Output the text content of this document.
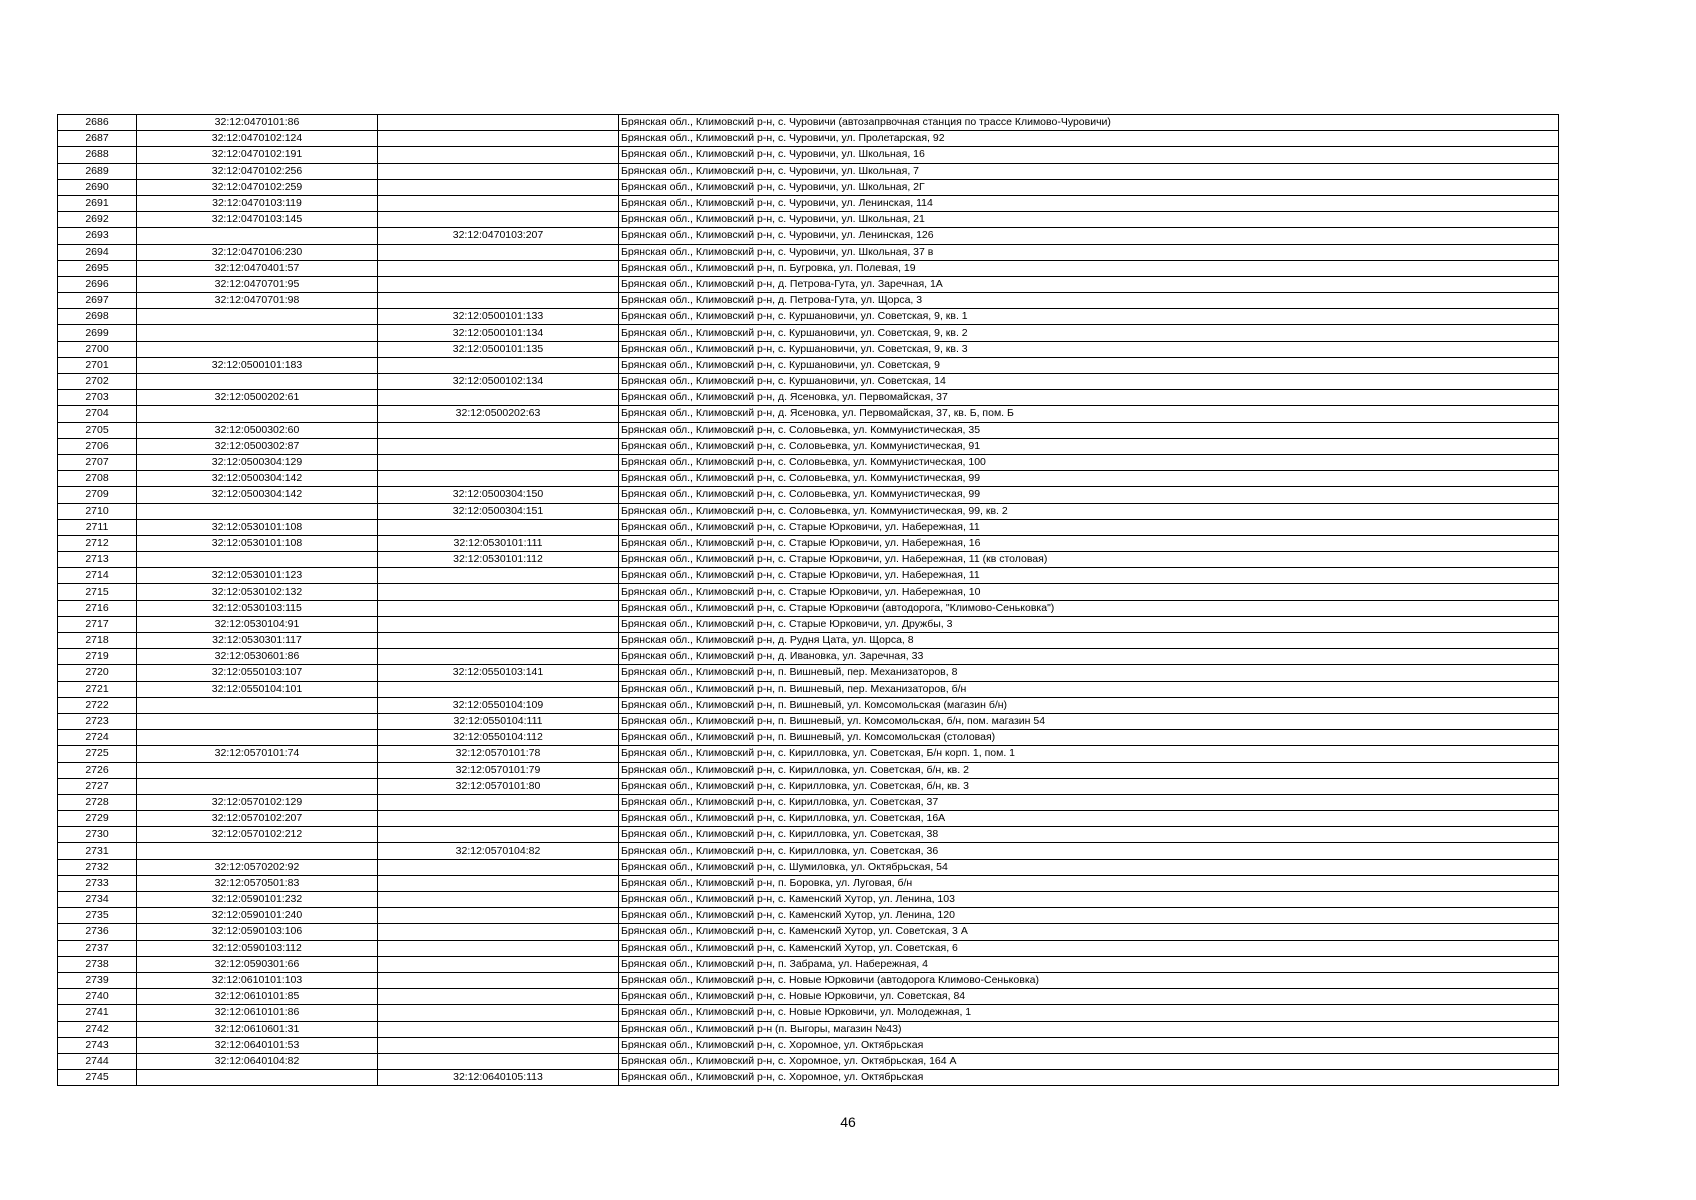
2686	32:12:0470101:86		Брянская обл., Климовский р-н, с. Чуровичи (автозапрвочная станция по трассе Климово-Чуровичи)
2687	32:12:0470102:124		Брянская обл., Климовский р-н, с. Чуровичи, ул. Пролетарская, 92
2688	32:12:0470102:191		Брянская обл., Климовский р-н, с. Чуровичи, ул. Школьная, 16
2689	32:12:0470102:256		Брянская обл., Климовский р-н, с. Чуровичи, ул. Школьная, 7
2690	32:12:0470102:259		Брянская обл., Климовский р-н, с. Чуровичи, ул. Школьная, 2Г
2691	32:12:0470103:119		Брянская обл., Климовский р-н, с. Чуровичи, ул. Ленинская, 114
2692	32:12:0470103:145		Брянская обл., Климовский р-н, с. Чуровичи, ул. Школьная, 21
2693		32:12:0470103:207	Брянская обл., Климовский р-н, с. Чуровичи, ул. Ленинская, 126
2694	32:12:0470106:230		Брянская обл., Климовский р-н, с. Чуровичи, ул. Школьная, 37 в
2695	32:12:0470401:57		Брянская обл., Климовский р-н, п. Бугровка, ул. Полевая, 19
2696	32:12:0470701:95		Брянская обл., Климовский р-н, д. Петрова-Гута, ул. Заречная, 1А
2697	32:12:0470701:98		Брянская обл., Климовский р-н, д. Петрова-Гута, ул. Щорса, 3
2698		32:12:0500101:133	Брянская обл., Климовский р-н, с. Куршановичи, ул. Советская, 9, кв. 1
2699		32:12:0500101:134	Брянская обл., Климовский р-н, с. Куршановичи, ул. Советская, 9, кв. 2
2700		32:12:0500101:135	Брянская обл., Климовский р-н, с. Куршановичи, ул. Советская, 9, кв. 3
2701	32:12:0500101:183		Брянская обл., Климовский р-н, с. Куршановичи, ул. Советская, 9
2702		32:12:0500102:134	Брянская обл., Климовский р-н, с. Куршановичи, ул. Советская, 14
2703	32:12:0500202:61		Брянская обл., Климовский р-н, д. Ясеновка, ул. Первомайская, 37
2704		32:12:0500202:63	Брянская обл., Климовский р-н, д. Ясеновка, ул. Первомайская, 37, кв. Б, пом. Б
2705	32:12:0500302:60		Брянская обл., Климовский р-н, с. Соловьевка, ул. Коммунистическая, 35
2706	32:12:0500302:87		Брянская обл., Климовский р-н, с. Соловьевка, ул. Коммунистическая, 91
2707	32:12:0500304:129		Брянская обл., Климовский р-н, с. Соловьевка, ул. Коммунистическая, 100
2708	32:12:0500304:142		Брянская обл., Климовский р-н, с. Соловьевка, ул. Коммунистическая, 99
2709	32:12:0500304:142	32:12:0500304:150	Брянская обл., Климовский р-н, с. Соловьевка, ул. Коммунистическая, 99
2710		32:12:0500304:151	Брянская обл., Климовский р-н, с. Соловьевка, ул. Коммунистическая, 99, кв. 2
2711	32:12:0530101:108		Брянская обл., Климовский р-н, с. Старые Юрковичи, ул. Набережная, 11
2712	32:12:0530101:108	32:12:0530101:111	Брянская обл., Климовский р-н, с. Старые Юрковичи, ул. Набережная, 16
2713		32:12:0530101:112	Брянская обл., Климовский р-н, с. Старые Юрковичи, ул. Набережная, 11 (кв столовая)
2714	32:12:0530101:123		Брянская обл., Климовский р-н, с. Старые Юрковичи, ул. Набережная, 11
2715	32:12:0530102:132		Брянская обл., Климовский р-н, с. Старые Юрковичи, ул. Набережная, 10
2716	32:12:0530103:115		Брянская обл., Климовский р-н, с. Старые Юрковичи (автодорога, "Климово-Сеньковка")
2717	32:12:0530104:91		Брянская обл., Климовский р-н, с. Старые Юрковичи, ул. Дружбы, 3
2718	32:12:0530301:117		Брянская обл., Климовский р-н, д. Рудня Цата, ул. Щорса, 8
2719	32:12:0530601:86		Брянская обл., Климовский р-н, д. Ивановка, ул. Заречная, 33
2720	32:12:0550103:107	32:12:0550103:141	Брянская обл., Климовский р-н, п. Вишневый, пер. Механизаторов, 8
2721	32:12:0550104:101		Брянская обл., Климовский р-н, п. Вишневый, пер. Механизаторов, б/н
2722		32:12:0550104:109	Брянская обл., Климовский р-н, п. Вишневый, ул. Комсомольская (магазин б/н)
2723		32:12:0550104:111	Брянская обл., Климовский р-н, п. Вишневый, ул. Комсомольская, б/н, пом. магазин 54
2724		32:12:0550104:112	Брянская обл., Климовский р-н, п. Вишневый, ул. Комсомольская (столовая)
2725	32:12:0570101:74	32:12:0570101:78	Брянская обл., Климовский р-н, с. Кирилловка, ул. Советская, Б/н корп. 1, пом. 1
2726		32:12:0570101:79	Брянская обл., Климовский р-н, с. Кирилловка, ул. Советская, б/н, кв. 2
2727		32:12:0570101:80	Брянская обл., Климовский р-н, с. Кирилловка, ул. Советская, б/н, кв. 3
2728	32:12:0570102:129		Брянская обл., Климовский р-н, с. Кирилловка, ул. Советская, 37
2729	32:12:0570102:207		Брянская обл., Климовский р-н, с. Кирилловка, ул. Советская, 16А
2730	32:12:0570102:212		Брянская обл., Климовский р-н, с. Кирилловка, ул. Советская, 38
2731		32:12:0570104:82	Брянская обл., Климовский р-н, с. Кирилловка, ул. Советская, 36
2732	32:12:0570202:92		Брянская обл., Климовский р-н, с. Шумиловка, ул. Октябрьская, 54
2733	32:12:0570501:83		Брянская обл., Климовский р-н, п. Боровка, ул. Луговая, б/н
2734	32:12:0590101:232		Брянская обл., Климовский р-н, с. Каменский Хутор, ул. Ленина, 103
2735	32:12:0590101:240		Брянская обл., Климовский р-н, с. Каменский Хутор, ул. Ленина, 120
2736	32:12:0590103:106		Брянская обл., Климовский р-н, с. Каменский Хутор, ул. Советская, 3 А
2737	32:12:0590103:112		Брянская обл., Климовский р-н, с. Каменский Хутор, ул. Советская, 6
2738	32:12:0590301:66		Брянская обл., Климовский р-н, п. Забрама, ул. Набережная, 4
2739	32:12:0610101:103		Брянская обл., Климовский р-н, с. Новые Юрковичи (автодорога Климово-Сеньковка)
2740	32:12:0610101:85		Брянская обл., Климовский р-н, с. Новые Юрковичи, ул. Советская, 84
2741	32:12:0610101:86		Брянская обл., Климовский р-н, с. Новые Юрковичи, ул. Молодежная, 1
2742	32:12:0610601:31		Брянская обл., Климовский р-н (п. Выгоры, магазин №43)
2743	32:12:0640101:53		Брянская обл., Климовский р-н, с. Хоромное, ул. Октябрьская
2744	32:12:0640104:82		Брянская обл., Климовский р-н, с. Хоромное, ул. Октябрьская, 164 А
2745		32:12:0640105:113	Брянская обл., Климовский р-н, с. Хоромное, ул. Октябрьская
46
